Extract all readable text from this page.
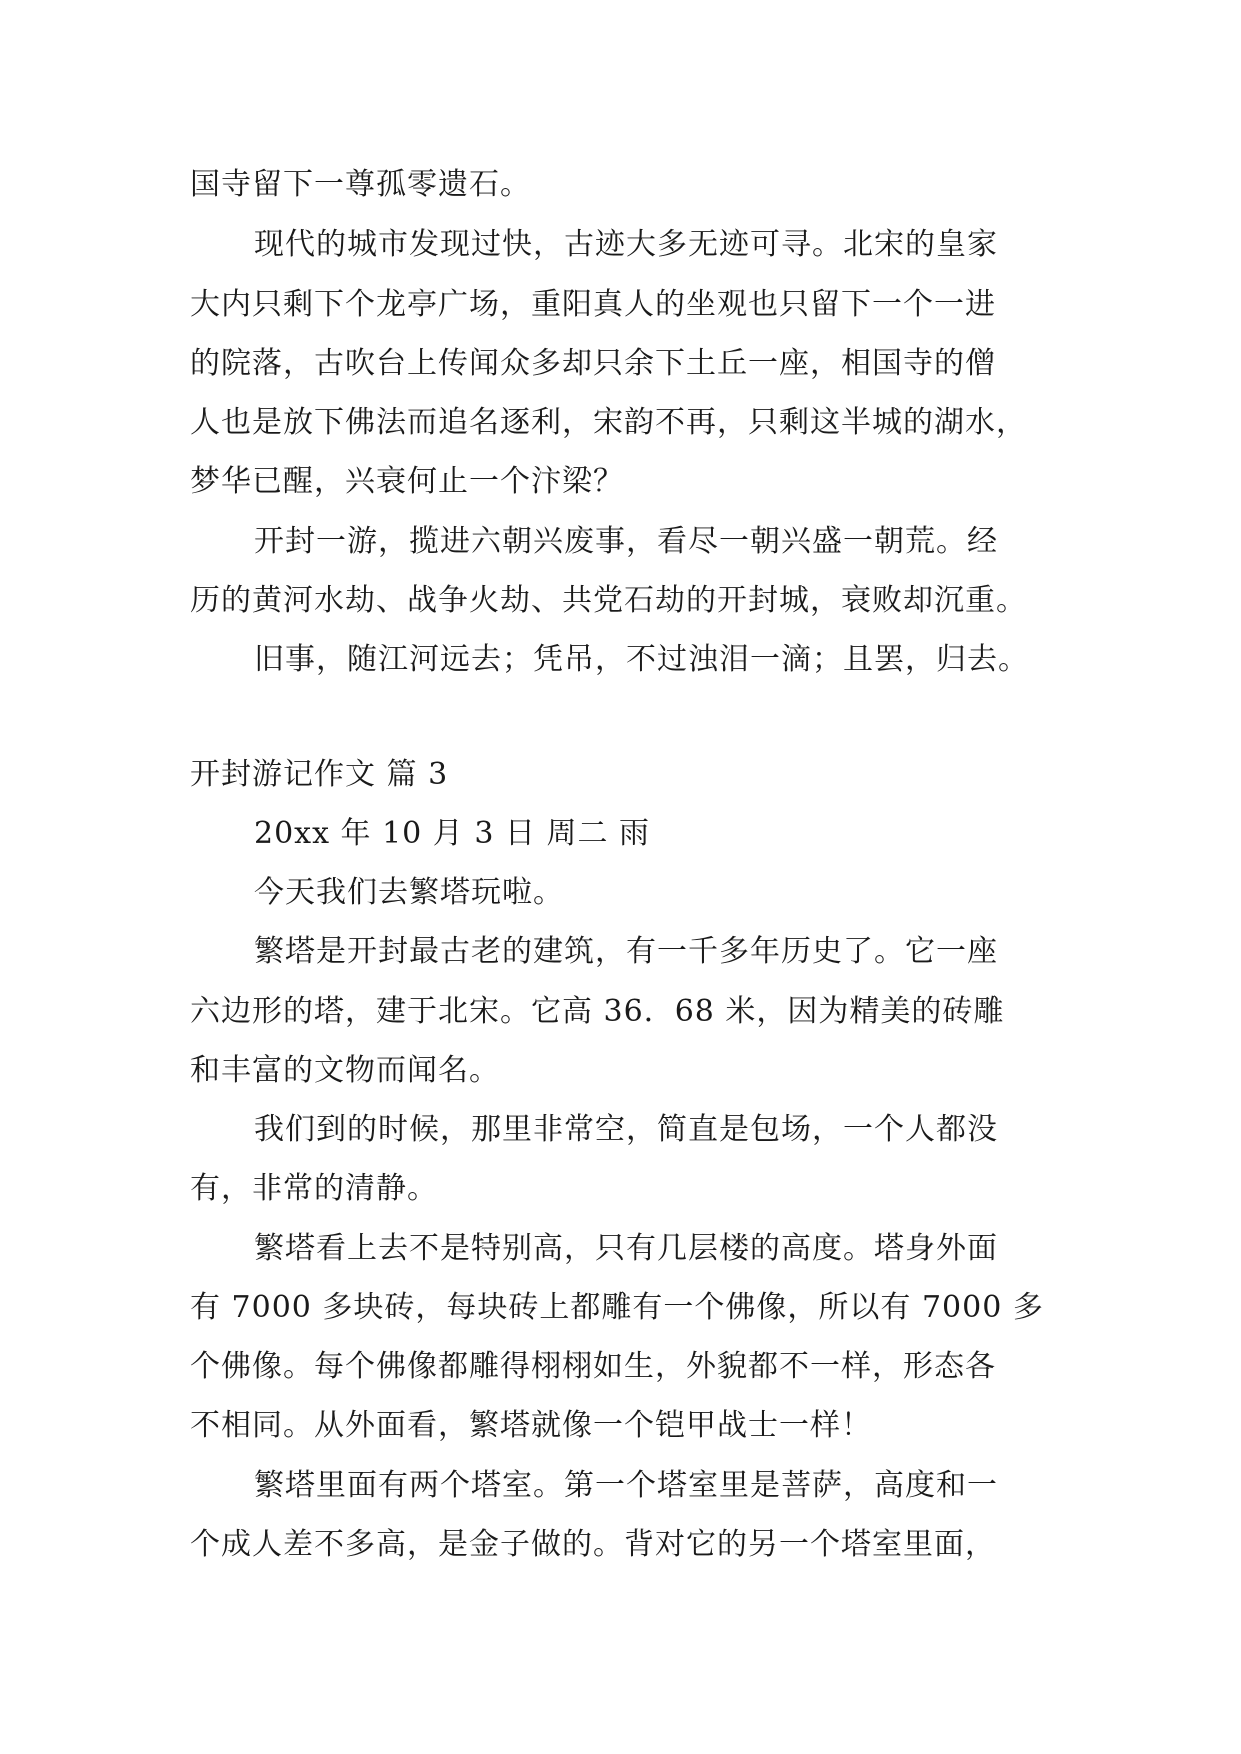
国寺留下一尊孤零遗石。
现代的城市发现过快，古迹大多无迹可寻。北宋的皇家
大内只剩下个龙亭广场，重阳真人的坐观也只留下一个一进
的院落，古吹台上传闻众多却只余下土丘一座，相国寺的僧
人也是放下佛法而追名逐利，宋韵不再，只剩这半城的湖水，
梦华已醒，兴衰何止一个汴梁？
开封一游，揽进六朝兴废事，看尽一朝兴盛一朝荒。经
历的黄河水劫、战争火劫、共党石劫的开封城，衰败却沉重。
旧事，随江河远去；凭吊，不过浊泪一滴；且罢，归去。
开封游记作文 篇 3
20xx 年 10 月 3 日 周二 雨
今天我们去繁塔玩啦。
繁塔是开封最古老的建筑，有一千多年历史了。它一座
六边形的塔，建于北宋。它高 36．68 米，因为精美的砖雕
和丰富的文物而闻名。
我们到的时候，那里非常空，简直是包场，一个人都没
有，非常的清静。
繁塔看上去不是特别高，只有几层楼的高度。塔身外面
有 7000 多块砖，每块砖上都雕有一个佛像，所以有 7000 多
个佛像。每个佛像都雕得栩栩如生，外貌都不一样，形态各
不相同。从外面看，繁塔就像一个铠甲战士一样！
繁塔里面有两个塔室。第一个塔室里是菩萨，高度和一
个成人差不多高，是金子做的。背对它的另一个塔室里面，
